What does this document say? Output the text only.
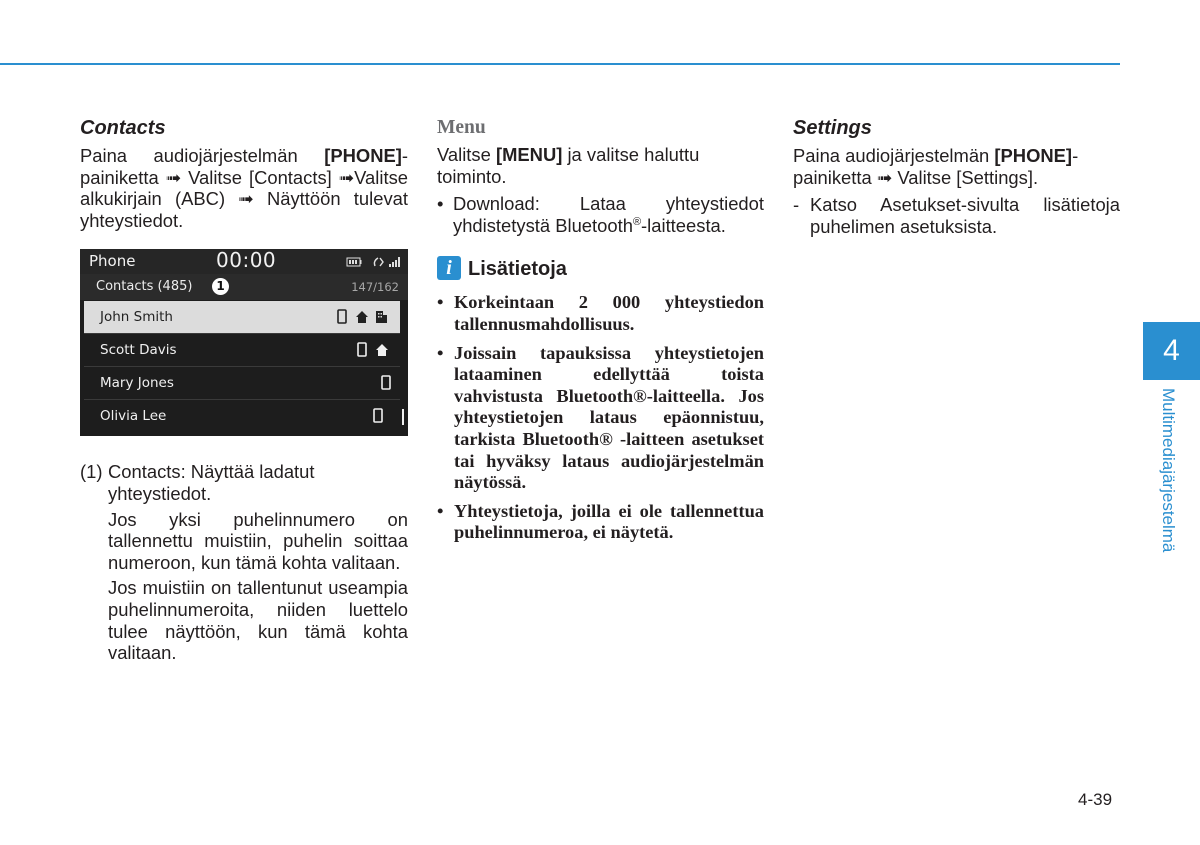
Contacts

Paina audiojärjestelmän [PHONE]-painiketta ➟ Valitse [Contacts] ➟Valitse alkukirjain (ABC) ➟ Näyttöön tulevat yhteystiedot.

Phone	00:00
Contacts (485)	1	147/162
John Smith
Scott Davis
Mary Jones
Olivia Lee
(1) Contacts: Näyttää ladatut yhteystiedot.

Jos yksi puhelinnumero on tallennettu muistiin, puhelin soittaa numeroon, kun tämä kohta valitaan.

Jos muistiin on tallentunut useampia puhelinnumeroita, niiden luettelo tulee näyttöön, kun tämä kohta valitaan.

Menu

Valitse [MENU] ja valitse haluttu toiminto.

• Download: Lataa yhteystiedot yhdistetystä Bluetooth®-laitteesta.
i Lisätietoja
• Korkeintaan 2 000 yhteystiedon tallennusmahdollisuus.
• Joissain tapauksissa yhteystietojen lataaminen edellyttää toista vahvistusta Bluetooth®-laitteella. Jos yhteystietojen lataus epäonnistuu, tarkista Bluetooth® -laitteen asetukset tai hyväksy lataus audiojärjestelmän näytössä.
• Yhteystietoja, joilla ei ole tallennettua puhelinnumeroa, ei näytetä.

Settings

Paina audiojärjestelmän [PHONE]-painiketta ➟ Valitse [Settings].

- Katso Asetukset-sivulta lisätietoja puhelimen asetuksista.
4
Multimediajärjestelmä
4-39
